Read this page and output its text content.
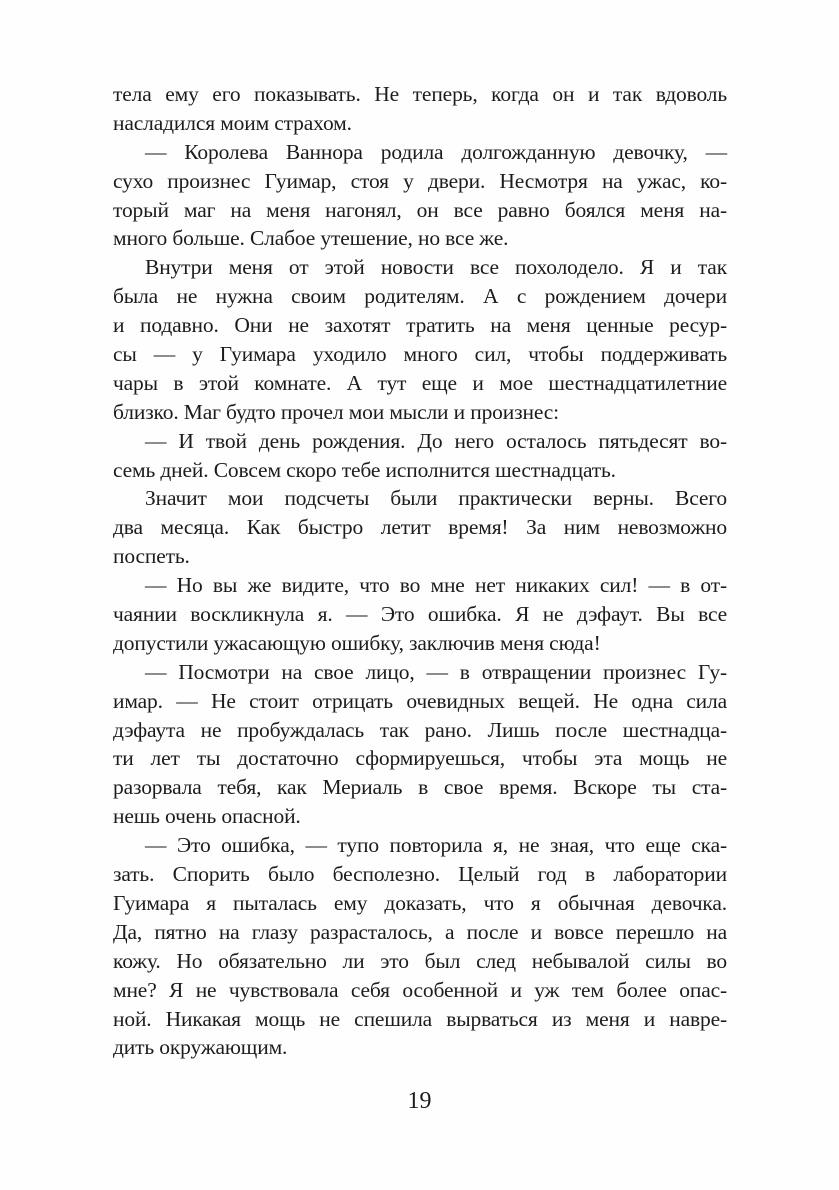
тела ему его показывать. Не теперь, когда он и так вдоволь
насладился моим страхом.
— Королева Ваннора родила долгожданную девочку, —
сухо произнес Гуимар, стоя у двери. Несмотря на ужас, ко-
торый маг на меня нагонял, он все равно боялся меня на-
много больше. Слабое утешение, но все же.
Внутри меня от этой новости все похолодело. Я и так
была не нужна своим родителям. А с рождением дочери
и подавно. Они не захотят тратить на меня ценные ресур-
сы — у Гуимара уходило много сил, чтобы поддерживать
чары в этой комнате. А тут еще и мое шестнадцатилетние
близко. Маг будто прочел мои мысли и произнес:
— И твой день рождения. До него осталось пятьдесят во-
семь дней. Совсем скоро тебе исполнится шестнадцать.
Значит мои подсчеты были практически верны. Всего
два месяца. Как быстро летит время! За ним невозможно
поспеть.
— Но вы же видите, что во мне нет никаких сил! — в от-
чаянии воскликнула я. — Это ошибка. Я не дэфаут. Вы все
допустили ужасающую ошибку, заключив меня сюда!
— Посмотри на свое лицо, — в отвращении произнес Гу-
имар. — Не стоит отрицать очевидных вещей. Не одна сила
дэфаута не пробуждалась так рано. Лишь после шестнадца-
ти лет ты достаточно сформируешься, чтобы эта мощь не
разорвала тебя, как Мериаль в свое время. Вскоре ты ста-
нешь очень опасной.
— Это ошибка, — тупо повторила я, не зная, что еще ска-
зать. Спорить было бесполезно. Целый год в лаборатории
Гуимара я пыталась ему доказать, что я обычная девочка.
Да, пятно на глазу разрасталось, а после и вовсе перешло на
кожу. Но обязательно ли это был след небывалой силы во
мне? Я не чувствовала себя особенной и уж тем более опас-
ной. Никакая мощь не спешила вырваться из меня и навре-
дить окружающим.
19
